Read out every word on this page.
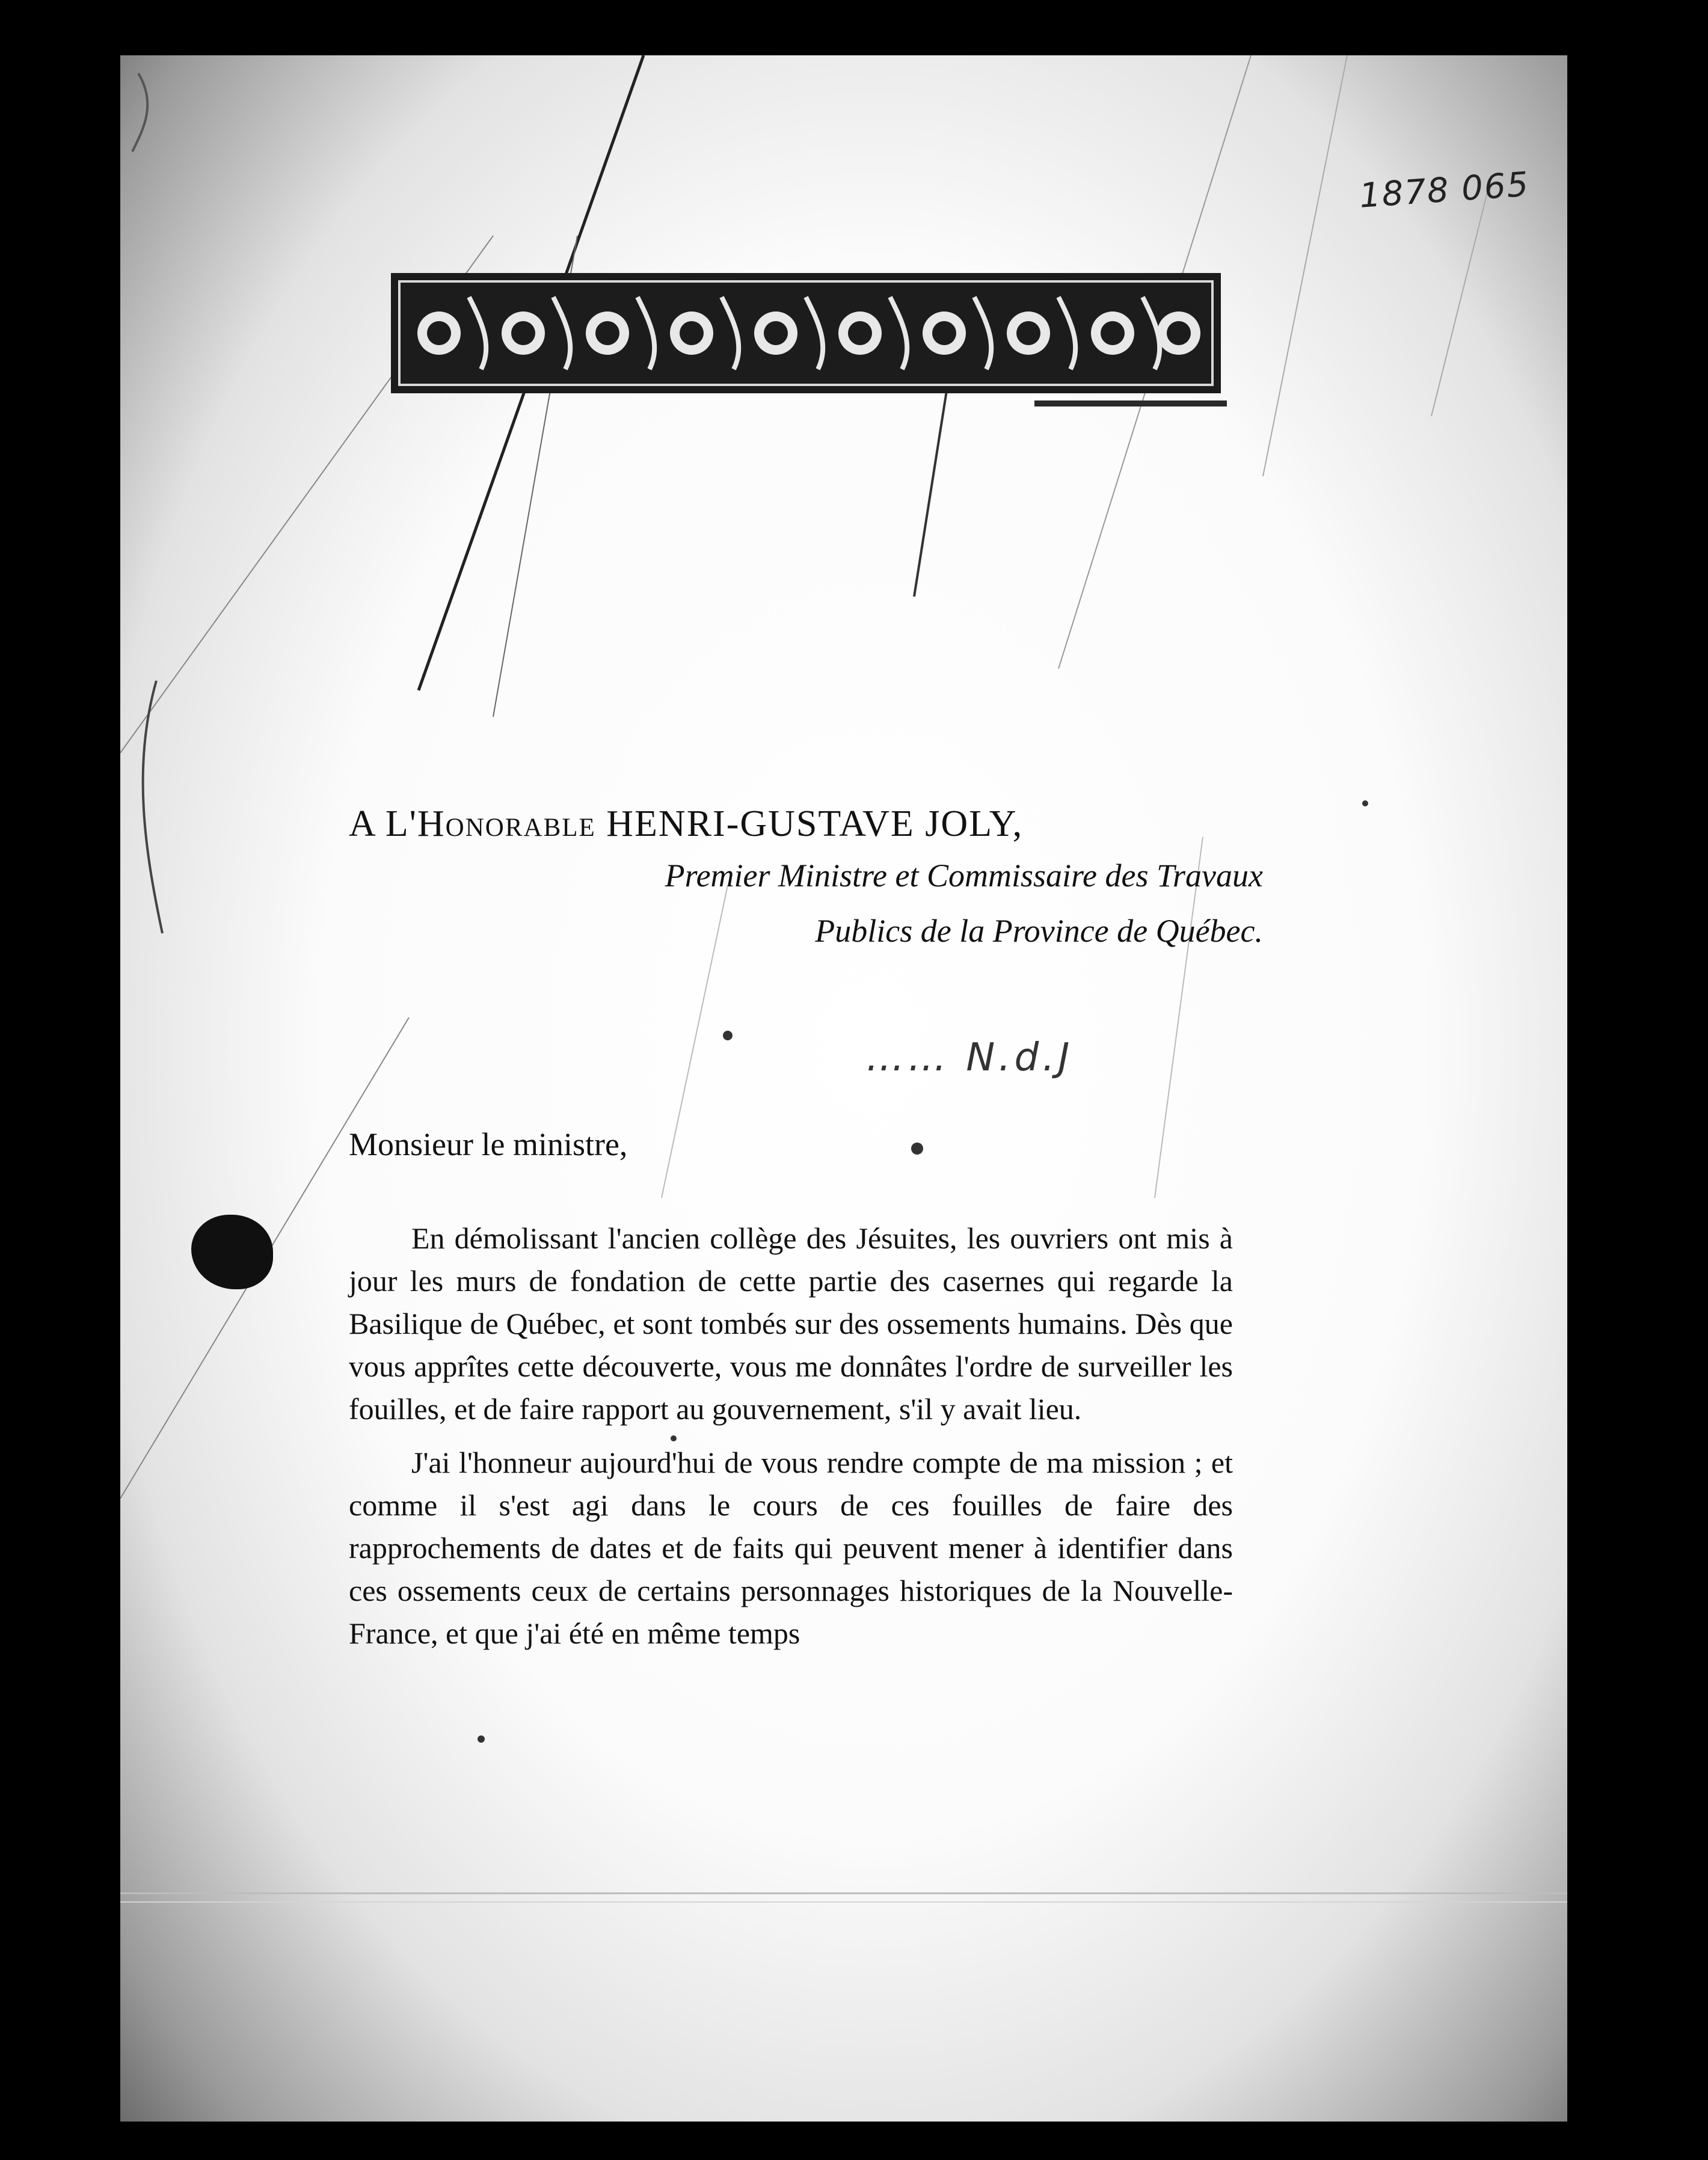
1878 065

A L'Honorable HENRI-GUSTAVE JOLY,

Premier Ministre et Commissaire des Travaux

Publics de la Province de Québec.

…… N.d.J

Monsieur le ministre,

En démolissant l'ancien collège des Jésuites, les ouvriers ont mis à jour les murs de fondation de cette partie des casernes qui regarde la Basilique de Québec, et sont tombés sur des ossements humains. Dès que vous apprîtes cette découverte, vous me donnâtes l'ordre de surveiller les fouilles, et de faire rapport au gouvernement, s'il y avait lieu.

J'ai l'honneur aujourd'hui de vous rendre compte de ma mission ; et comme il s'est agi dans le cours de ces fouilles de faire des rapprochements de dates et de faits qui peuvent mener à identifier dans ces ossements ceux de certains personnages historiques de la Nouvelle-France, et que j'ai été en même temps
